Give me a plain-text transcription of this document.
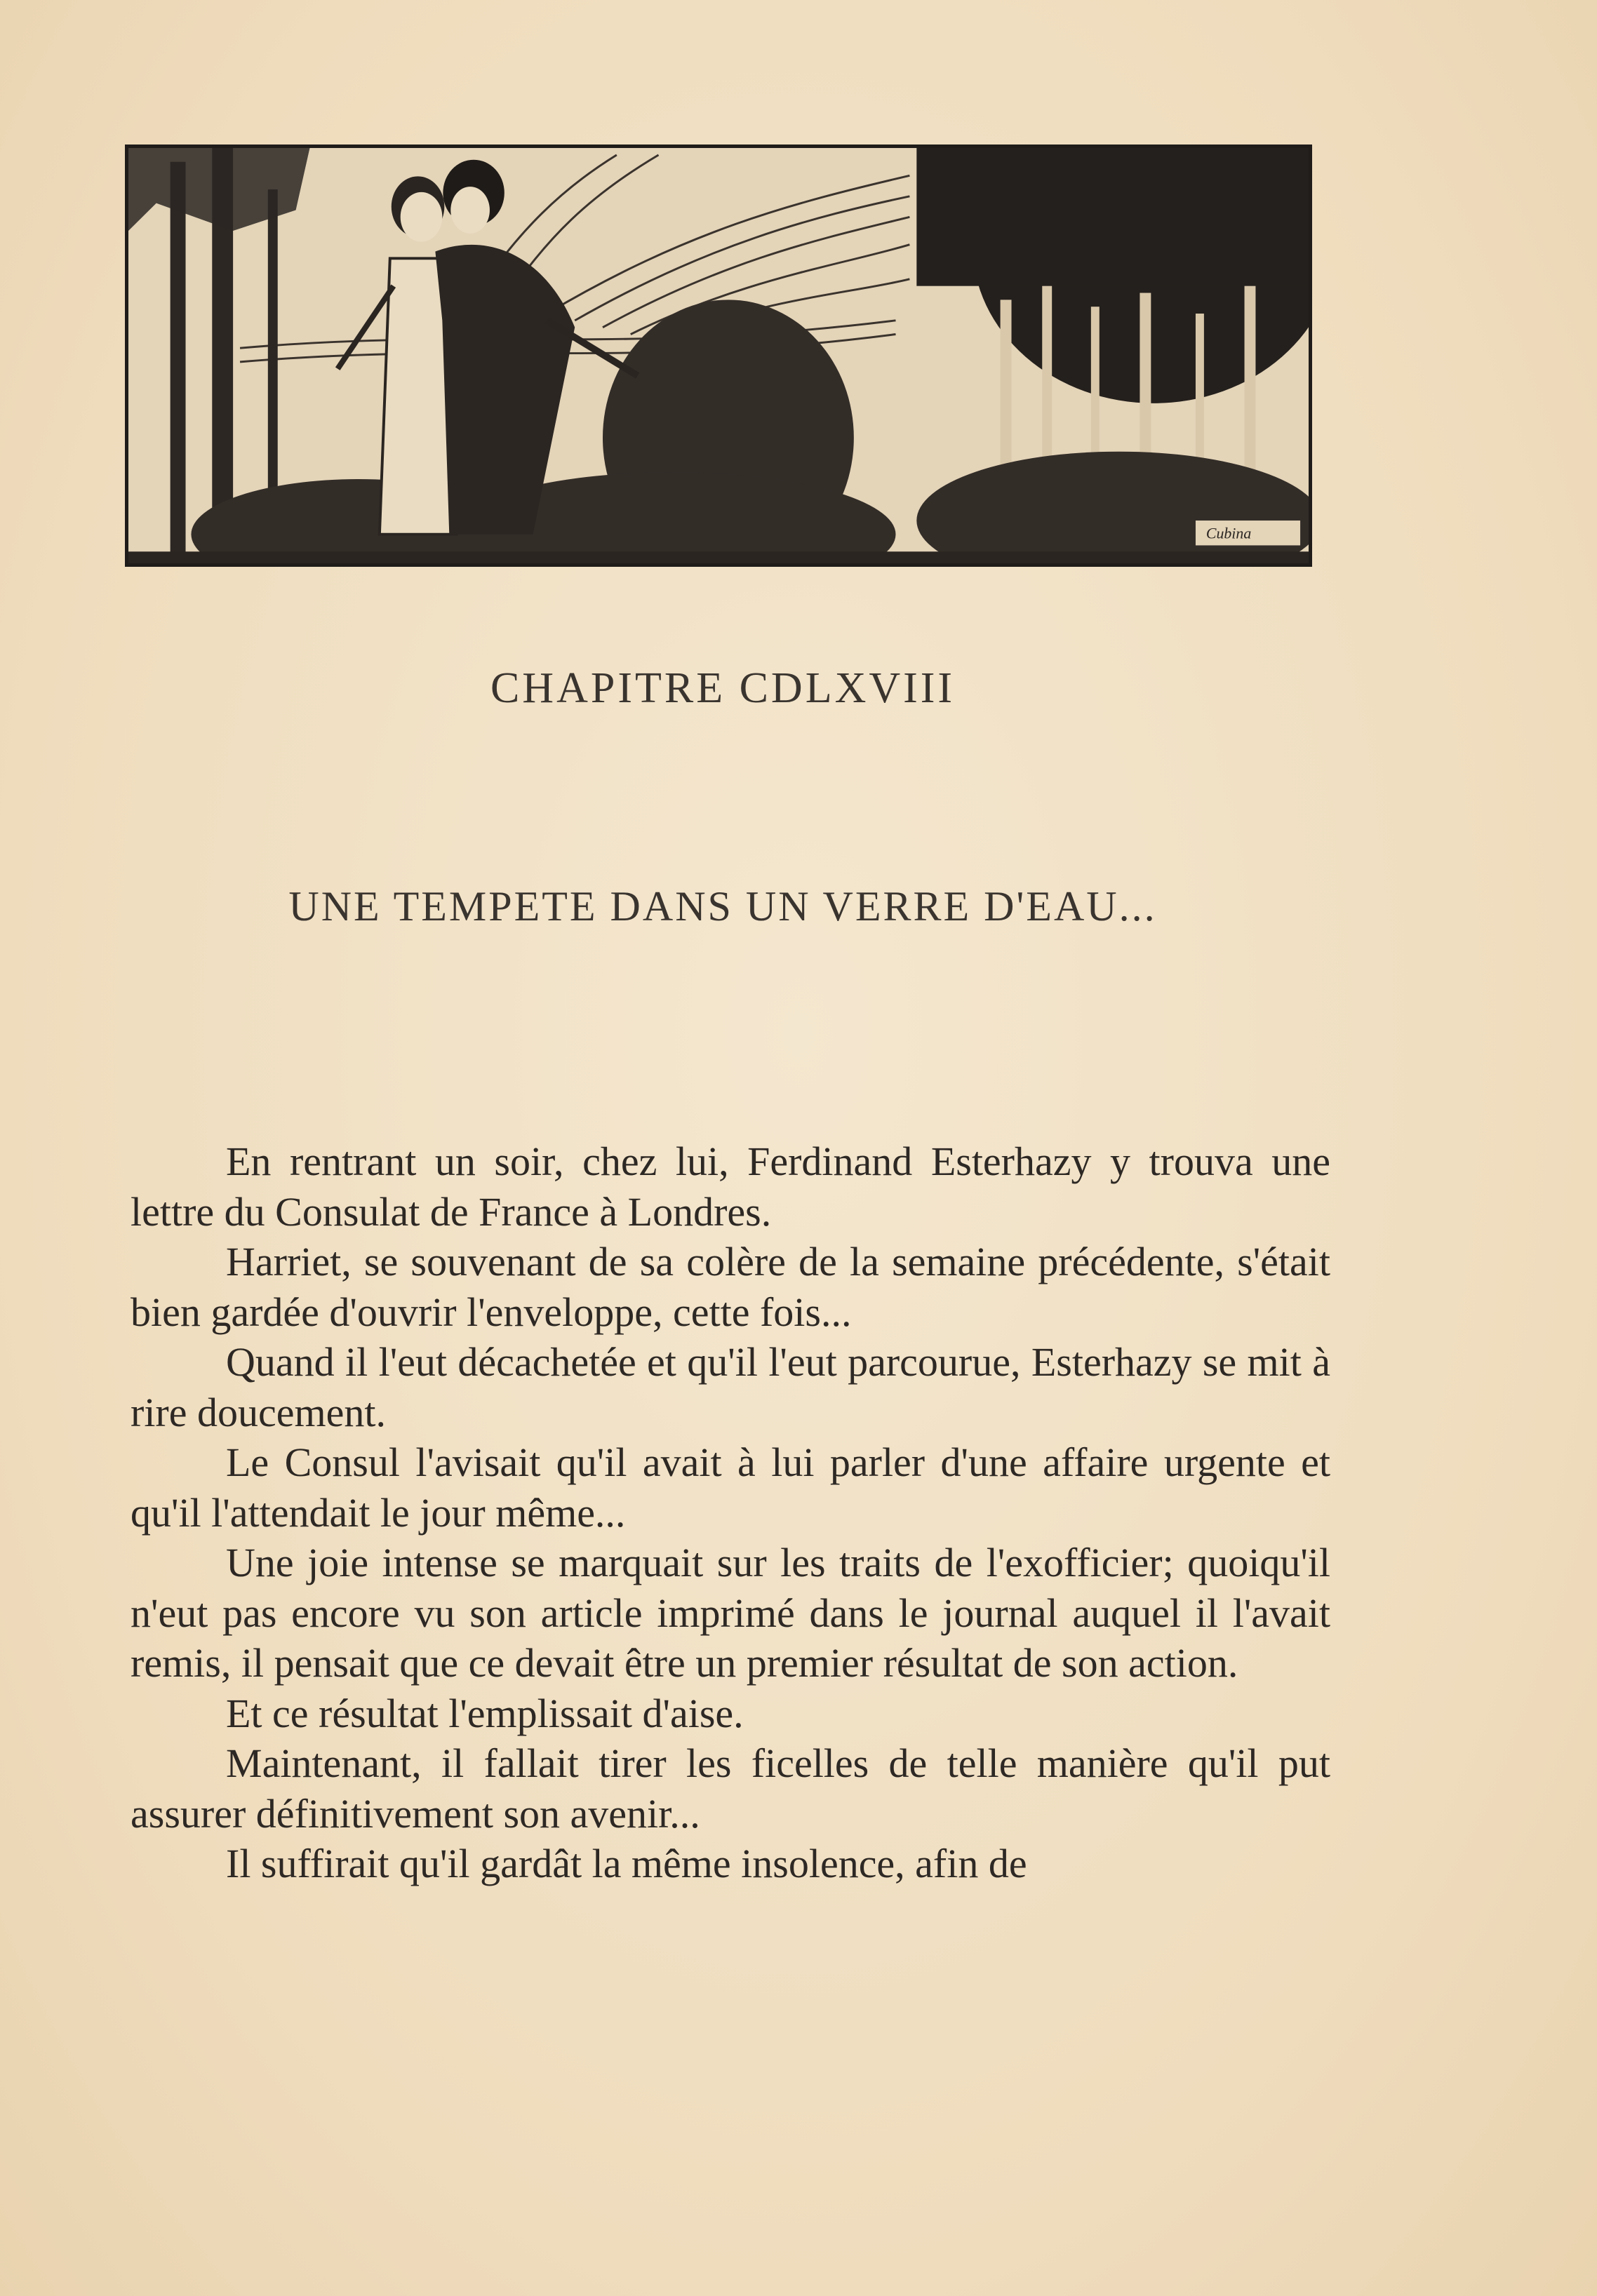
Cubina
CHAPITRE CDLXVIII
UNE TEMPETE DANS UN VERRE D'EAU...

En rentrant un soir, chez lui, Ferdinand Esterhazy y trouva une lettre du Consulat de France à Londres.

Harriet, se souvenant de sa colère de la semaine précédente, s'était bien gardée d'ouvrir l'enveloppe, cette fois...

Quand il l'eut décachetée et qu'il l'eut parcourue, Esterhazy se mit à rire doucement.

Le Consul l'avisait qu'il avait à lui parler d'une affaire urgente et qu'il l'attendait le jour même...

Une joie intense se marquait sur les traits de l'exofficier; quoiqu'il n'eut pas encore vu son article imprimé dans le journal auquel il l'avait remis, il pensait que ce devait être un premier résultat de son action.

Et ce résultat l'emplissait d'aise.

Maintenant, il fallait tirer les ficelles de telle manière qu'il put assurer définitivement son avenir...

Il suffirait qu'il gardât la même insolence, afin de
